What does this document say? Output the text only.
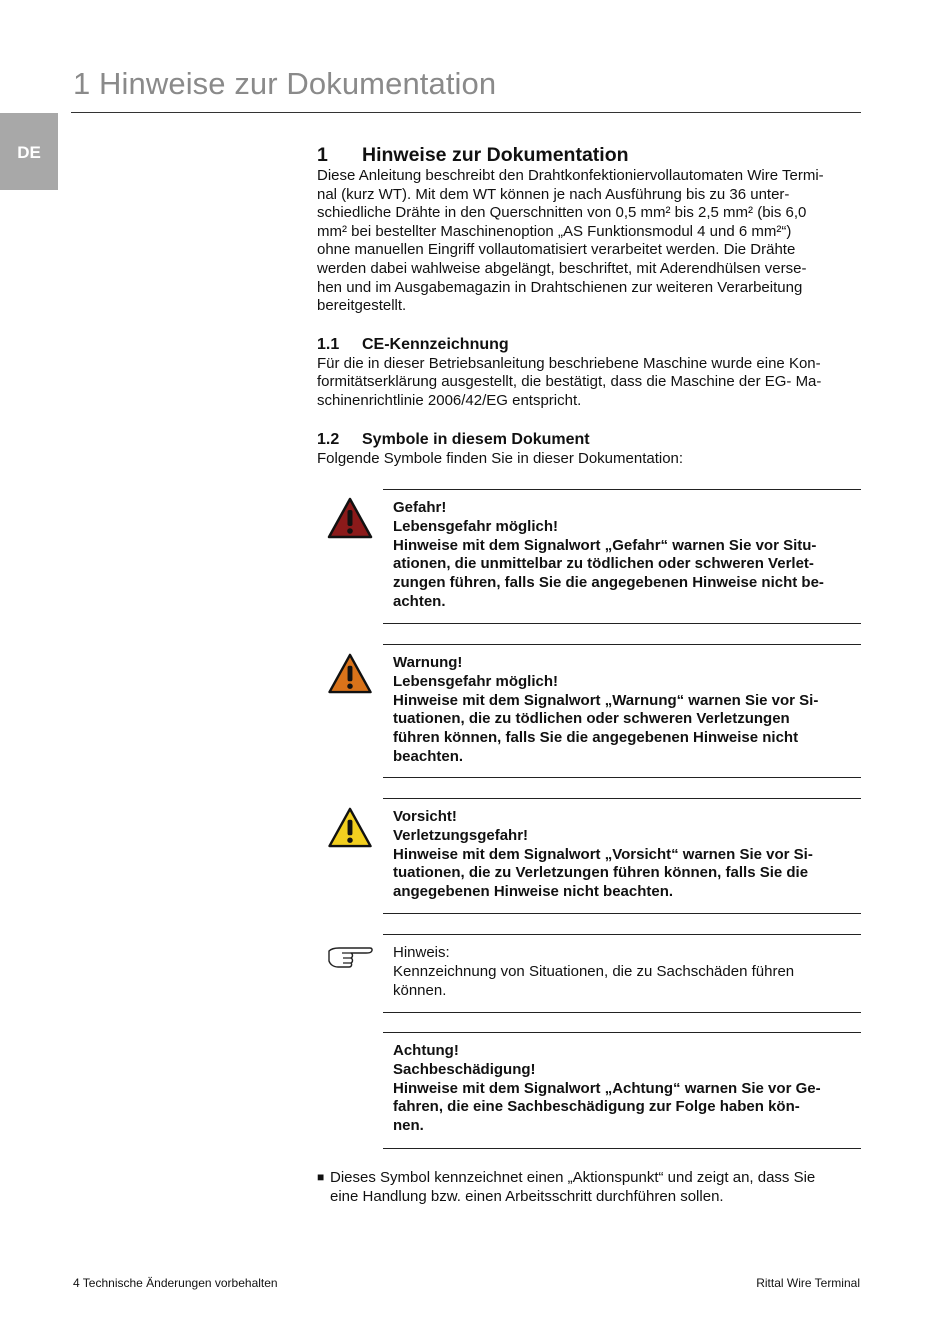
1 Hinweise zur Dokumentation
DE	1	Hinweise zur Dokumentation

Diese Anleitung beschreibt den Drahtkonfektioniervollautomaten Wire Termi-
nal (kurz WT). Mit dem WT können je nach Ausführung bis zu 36 unter-
schiedliche Drähte in den Querschnitten von 0,5 mm² bis 2,5 mm² (bis 6,0
mm² bei bestellter Maschinenoption „AS Funktionsmodul 4 und 6 mm²“)
ohne manuellen Eingriff vollautomatisiert verarbeitet werden. Die Drähte
werden dabei wahlweise abgelängt, beschriftet, mit Aderendhülsen verse-
hen und im Ausgabemagazin in Drahtschienen zur weiteren Verarbeitung
bereitgestellt.

1.1	CE-Kennzeichnung

Für die in dieser Betriebsanleitung beschriebene Maschine wurde eine Kon-
formitätserklärung ausgestellt, die bestätigt, dass die Maschine der EG- Ma-
schinenrichtlinie 2006/42/EG entspricht.

1.2	Symbole in diesem Dokument

Folgende Symbole finden Sie in dieser Dokumentation:

Gefahr!
Lebensgefahr möglich!
Hinweise mit dem Signalwort „Gefahr“ warnen Sie vor Situ-
ationen, die unmittelbar zu tödlichen oder schweren Verlet-
zungen führen, falls Sie die angegebenen Hinweise nicht be-
achten.
Warnung!
Lebensgefahr möglich!
Hinweise mit dem Signalwort „Warnung“ warnen Sie vor Si-
tuationen, die zu tödlichen oder schweren Verletzungen
führen können, falls Sie die angegebenen Hinweise nicht
beachten.
Vorsicht!
Verletzungsgefahr!
Hinweise mit dem Signalwort „Vorsicht“ warnen Sie vor Si-
tuationen, die zu Verletzungen führen können, falls Sie die
angegebenen Hinweise nicht beachten.
Hinweis:
Kennzeichnung von Situationen, die zu Sachschäden führen
können.
Achtung!
Sachbeschädigung!
Hinweise mit dem Signalwort „Achtung“ warnen Sie vor Ge-
fahren, die eine Sachbeschädigung zur Folge haben kön-
nen.
■ Dieses Symbol kennzeichnet einen „Aktionspunkt“ und zeigt an, dass Sie
eine Handlung bzw. einen Arbeitsschritt durchführen sollen.
4 Technische Änderungen vorbehalten	Rittal Wire Terminal
